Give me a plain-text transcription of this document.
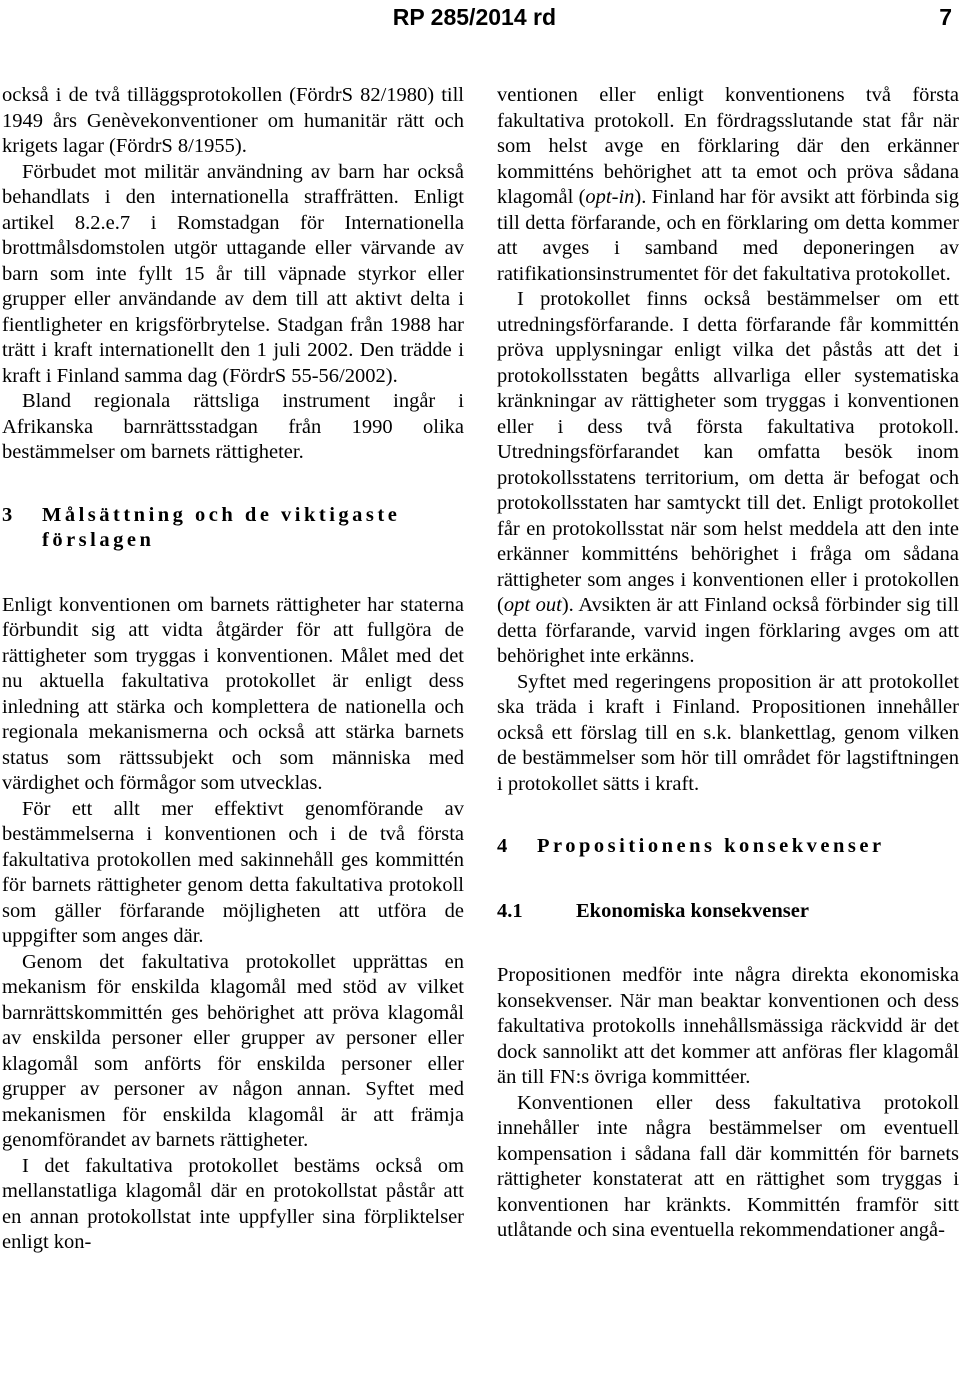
RP 285/2014 rd	7

också i de två tilläggsprotokollen (FördrS 82/1980) till 1949 års Genèvekonventioner om humanitär rätt och krigets lagar (FördrS 8/1955).

Förbudet mot militär användning av barn har också behandlats i den internationella straffrätten. Enligt artikel 8.2.e.7 i Romstadgan för Internationella brottmålsdomstolen utgör uttagande eller värvande av barn som inte fyllt 15 år till väpnade styrkor eller grupper eller användande av dem till att aktivt delta i fientligheter en krigsförbrytelse. Stadgan från 1988 har trätt i kraft internationellt den 1 juli 2002. Den trädde i kraft i Finland samma dag (FördrS 55-56/2002).

Bland regionala rättsliga instrument ingår i Afrikanska barnrättsstadgan från 1990 olika bestämmelser om barnets rättigheter.

3	Målsättning och de viktigaste förslagen

Enligt konventionen om barnets rättigheter har staterna förbundit sig att vidta åtgärder för att fullgöra de rättigheter som tryggas i konventionen. Målet med det nu aktuella fakultativa protokollet är enligt dess inledning att stärka och komplettera de nationella och regionala mekanismerna och också att stärka barnets status som rättssubjekt och som människa med värdighet och förmågor som utvecklas.

För ett allt mer effektivt genomförande av bestämmelserna i konventionen och i de två första fakultativa protokollen med sakinnehåll ges kommittén för barnets rättigheter genom detta fakultativa protokoll som gäller förfarande möjligheten att utföra de uppgifter som anges där.

Genom det fakultativa protokollet upprättas en mekanism för enskilda klagomål med stöd av vilket barnrättskommittén ges behörighet att pröva klagomål av enskilda personer eller grupper av personer eller klagomål som anförts för enskilda personer eller grupper av personer av någon annan. Syftet med mekanismen för enskilda klagomål är att främja genomförandet av barnets rättigheter.

I det fakultativa protokollet bestäms också om mellanstatliga klagomål där en protokollstat påstår att en annan protokollstat inte uppfyller sina förpliktelser enligt kon-

ventionen eller enligt konventionens två första fakultativa protokoll. En fördragsslutande stat får när som helst avge en förklaring där den erkänner kommitténs behörighet att ta emot och pröva sådana klagomål (opt-in). Finland har för avsikt att förbinda sig till detta förfarande, och en förklaring om detta kommer att avges i samband med deponeringen av ratifikationsinstrumentet för det fakultativa protokollet.

I protokollet finns också bestämmelser om ett utredningsförfarande. I detta förfarande får kommittén pröva upplysningar enligt vilka det påstås att det i protokollsstaten begåtts allvarliga eller systematiska kränkningar av rättigheter som tryggas i konventionen eller i dess två första fakultativa protokoll. Utredningsförfarandet kan omfatta besök inom protokollsstatens territorium, om detta är befogat och protokollsstaten har samtyckt till det. Enligt protokollet får en protokollsstat när som helst meddela att den inte erkänner kommitténs behörighet i fråga om sådana rättigheter som anges i konventionen eller i protokollen (opt out). Avsikten är att Finland också förbinder sig till detta förfarande, varvid ingen förklaring avges om att behörighet inte erkänns.

Syftet med regeringens proposition är att protokollet ska träda i kraft i Finland. Propositionen innehåller också ett förslag till en s.k. blankettlag, genom vilken de bestämmelser som hör till området för lagstiftningen i protokollet sätts i kraft.

4	Propositionens konsekvenser
4.1	Ekonomiska konsekvenser

Propositionen medför inte några direkta ekonomiska konsekvenser. När man beaktar konventionen och dess fakultativa protokolls innehållsmässiga räckvidd är det dock sannolikt att det kommer att anföras fler klagomål än till FN:s övriga kommittéer.

Konventionen eller dess fakultativa protokoll innehåller inte några bestämmelser om eventuell kompensation i sådana fall där kommittén för barnets rättigheter konstaterat att en rättighet som tryggas i konventionen har kränkts. Kommittén framför sitt utlåtande och sina eventuella rekommendationer angå-
